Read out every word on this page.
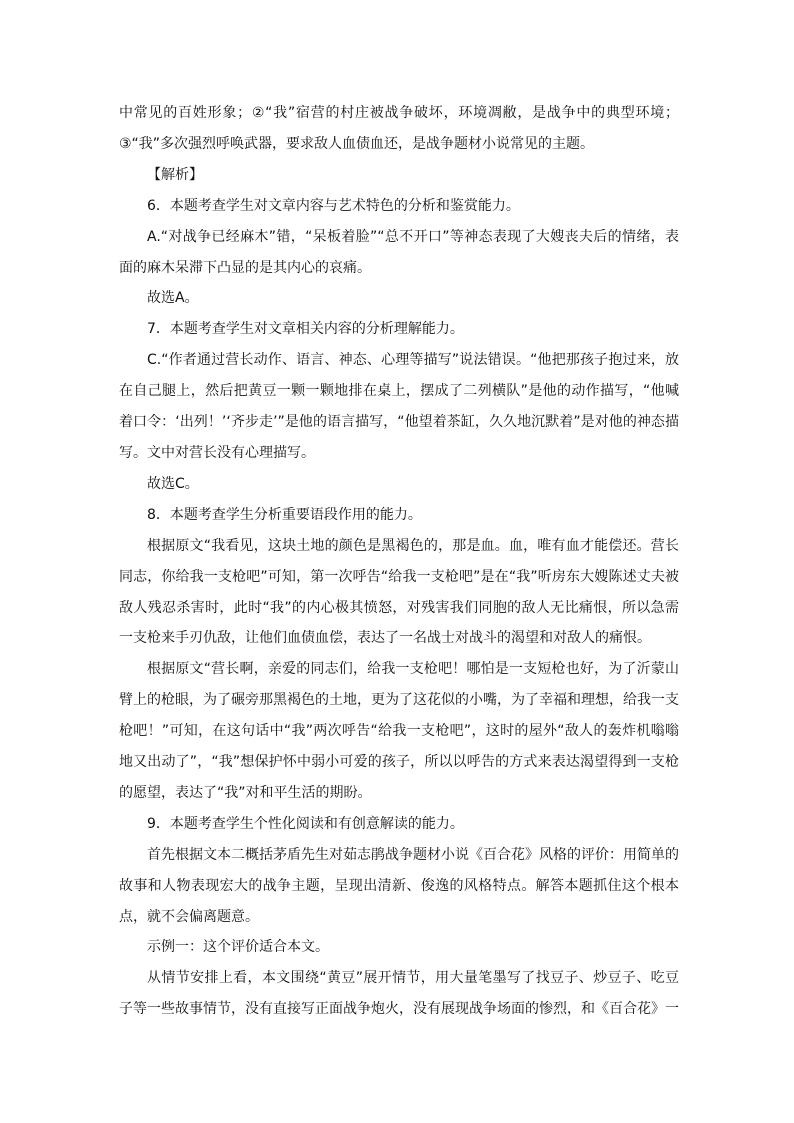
中常见的百姓形象；②“我”宿营的村庄被战争破坏，环境凋敝，是战争中的典型环境；③“我”多次强烈呼唤武器，要求敌人血债血还，是战争题材小说常见的主题。

【解析】

6．本题考查学生对文章内容与艺术特色的分析和鉴赏能力。

A.“对战争已经麻木”错，“呆板着脸”“总不开口”等神态表现了大嫂丧夫后的情绪，表面的麻木呆滞下凸显的是其内心的哀痛。

故选A。

7．本题考查学生对文章相关内容的分析理解能力。

C.“作者通过营长动作、语言、神态、心理等描写”说法错误。“他把那孩子抱过来，放在自己腿上，然后把黄豆一颗一颗地排在桌上，摆成了二列横队”是他的动作描写，“他喊着口令：‘出列！’‘齐步走’”是他的语言描写，“他望着茶缸，久久地沉默着”是对他的神态描写。文中对营长没有心理描写。

故选C。

8．本题考查学生分析重要语段作用的能力。

根据原文“我看见，这块土地的颜色是黑褐色的，那是血。血，唯有血才能偿还。营长同志，你给我一支枪吧”可知，第一次呼告“给我一支枪吧”是在“我”听房东大嫂陈述丈夫被敌人残忍杀害时，此时“我”的内心极其愤怒，对残害我们同胞的敌人无比痛恨，所以急需一支枪来手刃仇敌，让他们血债血偿，表达了一名战士对战斗的渴望和对敌人的痛恨。

根据原文“营长啊，亲爱的同志们，给我一支枪吧！哪怕是一支短枪也好，为了沂蒙山臂上的枪眼，为了碾旁那黑褐色的土地，更为了这花似的小嘴，为了幸福和理想，给我一支枪吧！”可知，在这句话中“我”两次呼告“给我一支枪吧”，这时的屋外“敌人的轰炸机嗡嗡地又出动了”，“我”想保护怀中弱小可爱的孩子，所以以呼告的方式来表达渴望得到一支枪的愿望，表达了“我”对和平生活的期盼。

9．本题考查学生个性化阅读和有创意解读的能力。

首先根据文本二概括茅盾先生对茹志鹃战争题材小说《百合花》风格的评价：用简单的故事和人物表现宏大的战争主题，呈现出清新、俊逸的风格特点。解答本题抓住这个根本点，就不会偏离题意。

示例一：这个评价适合本文。

从情节安排上看，本文围绕“黄豆”展开情节，用大量笔墨写了找豆子、炒豆子、吃豆子等一些故事情节，没有直接写正面战争炮火，没有展现战争场面的惨烈，和《百合花》一
